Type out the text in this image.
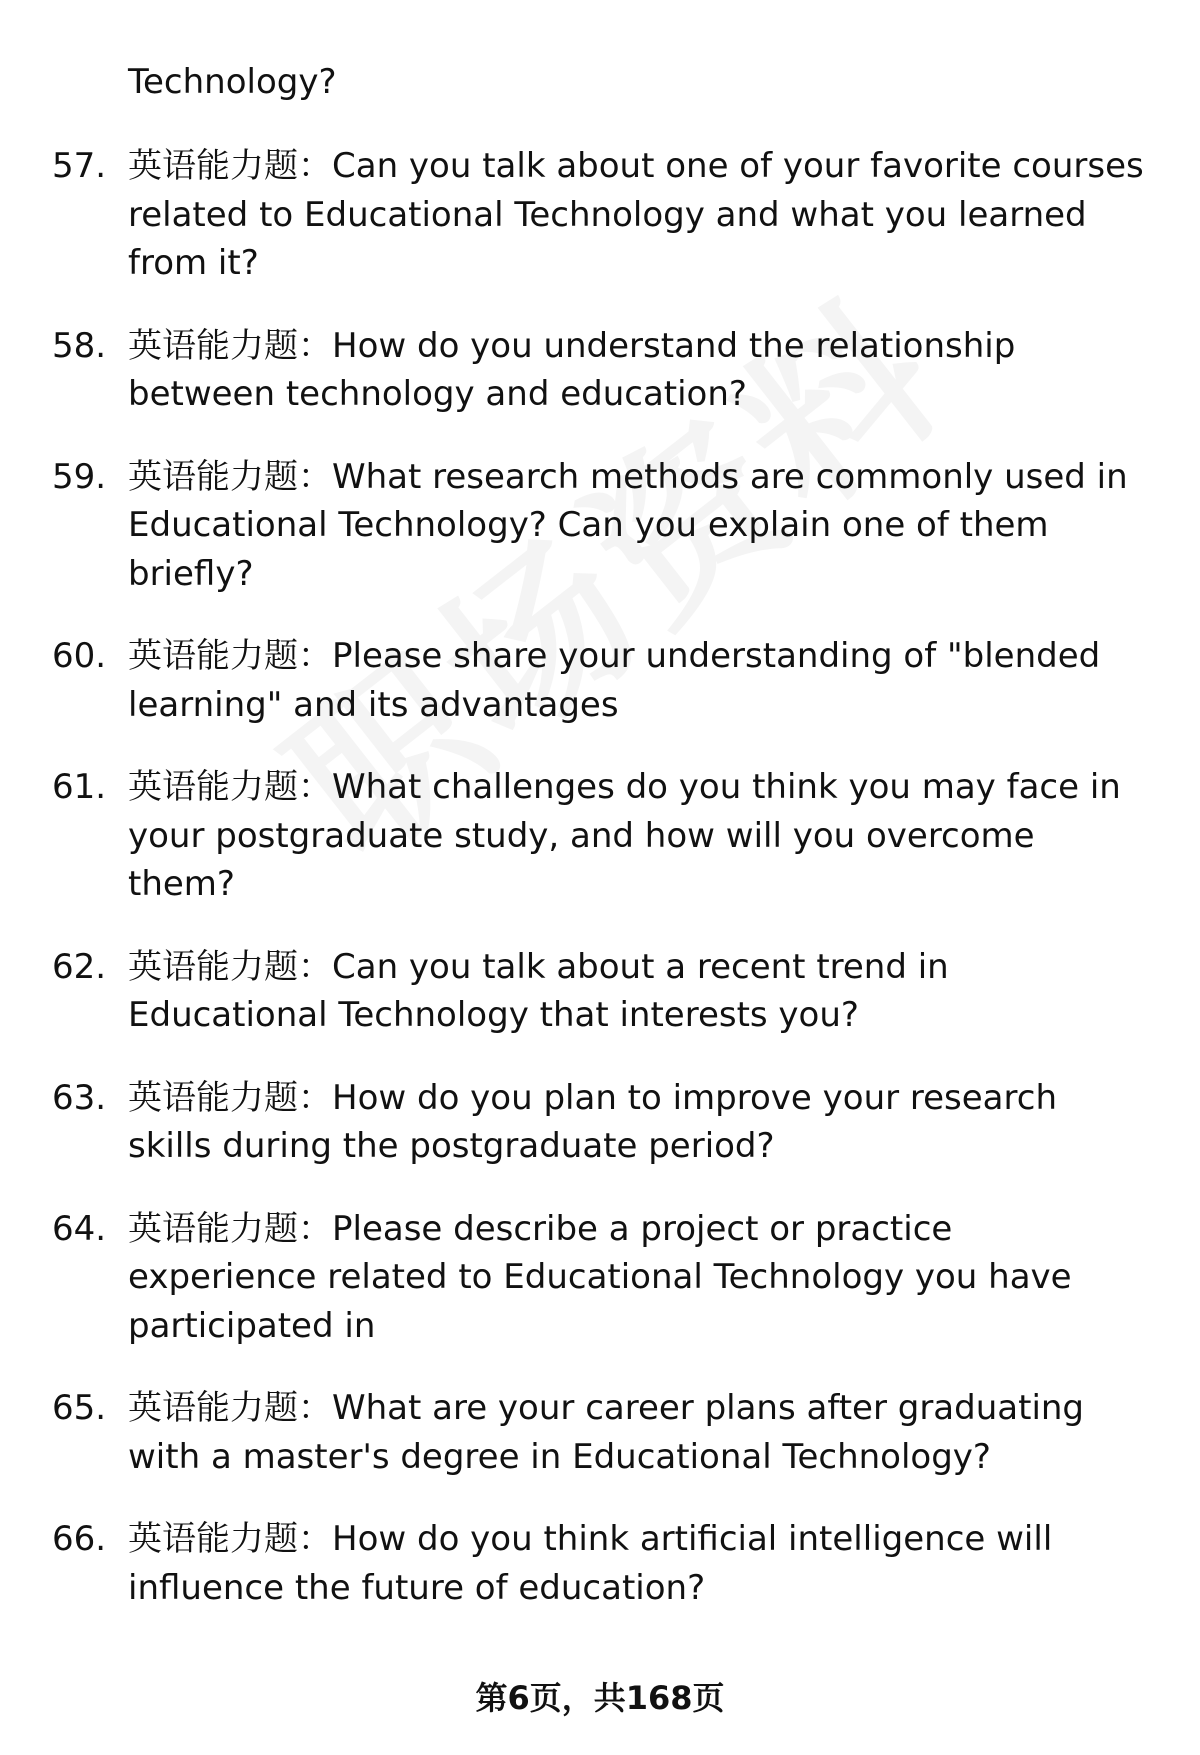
Technology?
57. 英语能力题：Can you talk about one of your favorite courses related to Educational Technology and what you learned from it?
58. 英语能力题：How do you understand the relationship between technology and education?
59. 英语能力题：What research methods are commonly used in Educational Technology? Can you explain one of them briefly?
60. 英语能力题：Please share your understanding of "blended learning" and its advantages
61. 英语能力题：What challenges do you think you may face in your postgraduate study, and how will you overcome them?
62. 英语能力题：Can you talk about a recent trend in Educational Technology that interests you?
63. 英语能力题：How do you plan to improve your research skills during the postgraduate period?
64. 英语能力题：Please describe a project or practice experience related to Educational Technology you have participated in
65. 英语能力题：What are your career plans after graduating with a master's degree in Educational Technology?
66. 英语能力题：How do you think artificial intelligence will influence the future of education?
第6页，共168页
